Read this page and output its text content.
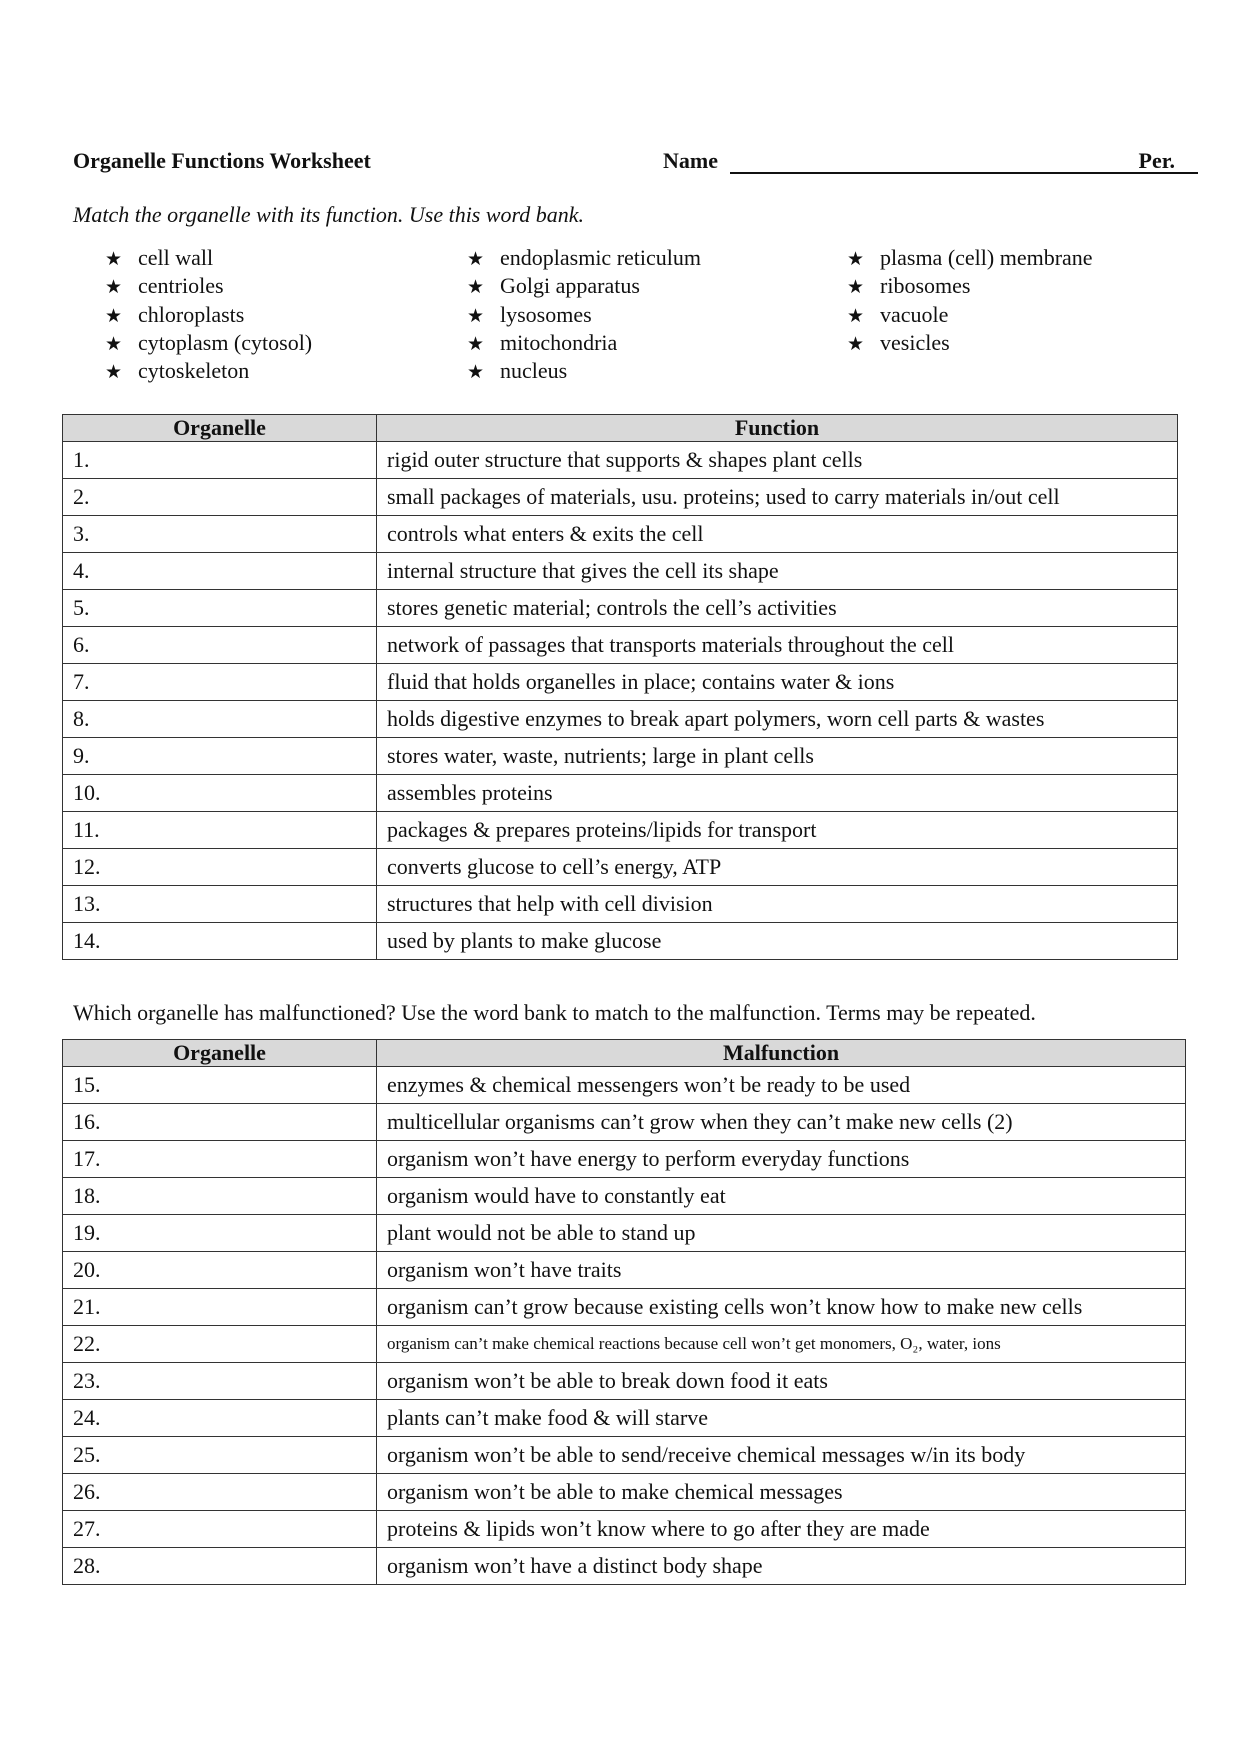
Organelle Functions Worksheet	Name	Per.
Match the organelle with its function. Use this word bank.
★ cell wall
★ centrioles
★ chloroplasts
★ cytoplasm (cytosol)
★ cytoskeleton
★ endoplasmic reticulum
★ Golgi apparatus
★ lysosomes
★ mitochondria
★ nucleus
★ plasma (cell) membrane
★ ribosomes
★ vacuole
★ vesicles
Organelle	Function
1.	rigid outer structure that supports & shapes plant cells
2.	small packages of materials, usu. proteins; used to carry materials in/out cell
3.	controls what enters & exits the cell
4.	internal structure that gives the cell its shape
5.	stores genetic material; controls the cell’s activities
6.	network of passages that transports materials throughout the cell
7.	fluid that holds organelles in place; contains water & ions
8.	holds digestive enzymes to break apart polymers, worn cell parts & wastes
9.	stores water, waste, nutrients; large in plant cells
10.	assembles proteins
11.	packages & prepares proteins/lipids for transport
12.	converts glucose to cell’s energy, ATP
13.	structures that help with cell division
14.	used by plants to make glucose
Which organelle has malfunctioned? Use the word bank to match to the malfunction. Terms may be repeated.
Organelle	Malfunction
15.	enzymes & chemical messengers won’t be ready to be used
16.	multicellular organisms can’t grow when they can’t make new cells (2)
17.	organism won’t have energy to perform everyday functions
18.	organism would have to constantly eat
19.	plant would not be able to stand up
20.	organism won’t have traits
21.	organism can’t grow because existing cells won’t know how to make new cells
22.	organism can’t make chemical reactions because cell won’t get monomers, O₂, water, ions
23.	organism won’t be able to break down food it eats
24.	plants can’t make food & will starve
25.	organism won’t be able to send/receive chemical messages w/in its body
26.	organism won’t be able to make chemical messages
27.	proteins & lipids won’t know where to go after they are made
28.	organism won’t have a distinct body shape
